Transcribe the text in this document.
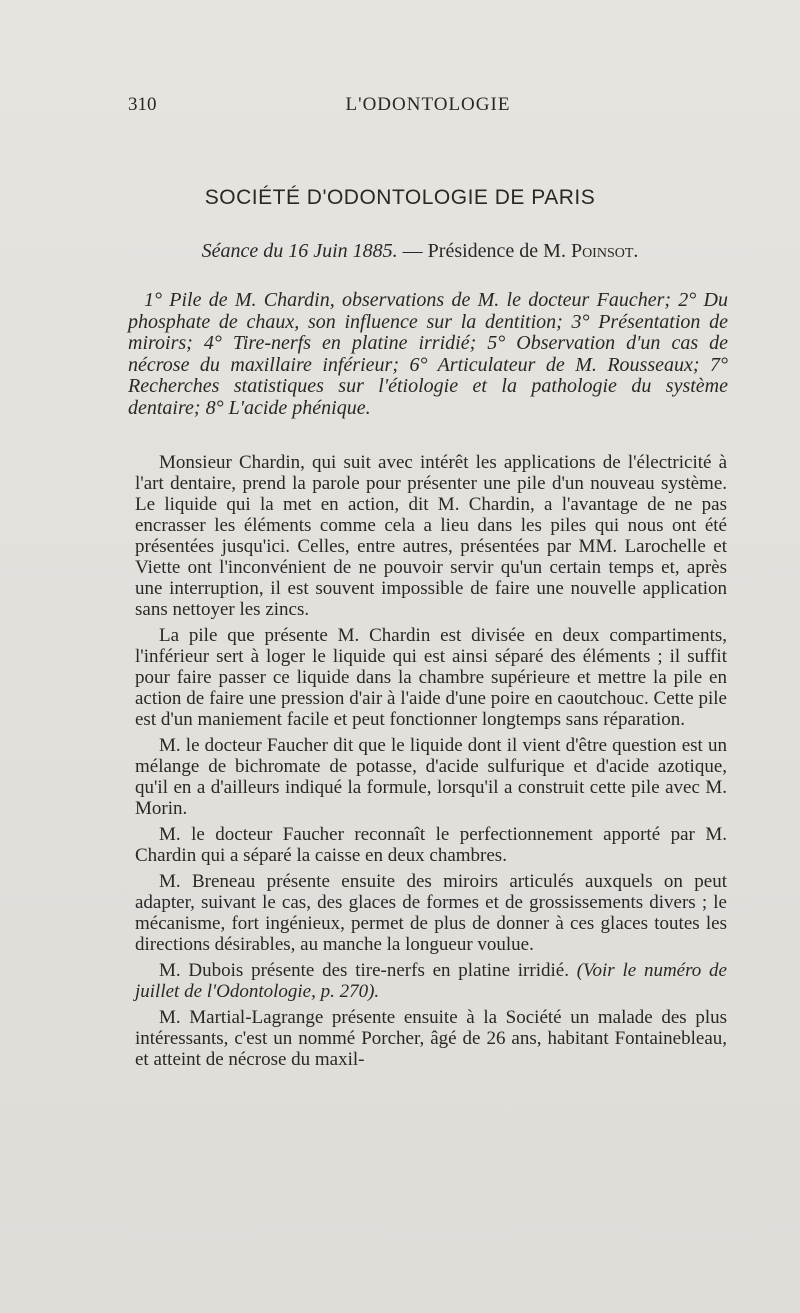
310	L'ODONTOLOGIE
SOCIÉTÉ D'ODONTOLOGIE DE PARIS
Séance du 16 Juin 1885. — Présidence de M. Poinsot.

1° Pile de M. Chardin, observations de M. le docteur Faucher; 2° Du phosphate de chaux, son influence sur la dentition; 3° Présentation de miroirs; 4° Tire-nerfs en platine irridié; 5° Observation d'un cas de nécrose du maxillaire inférieur; 6° Articulateur de M. Rousseaux; 7° Recherches statistiques sur l'étiologie et la pathologie du système dentaire; 8° L'acide phénique.

Monsieur Chardin, qui suit avec intérêt les applications de l'électricité à l'art dentaire, prend la parole pour présenter une pile d'un nouveau système. Le liquide qui la met en action, dit M. Chardin, a l'avantage de ne pas encrasser les éléments comme cela a lieu dans les piles qui nous ont été présentées jusqu'ici. Celles, entre autres, présentées par MM. Larochelle et Viette ont l'inconvénient de ne pouvoir servir qu'un certain temps et, après une interruption, il est souvent impossible de faire une nouvelle application sans nettoyer les zincs.

La pile que présente M. Chardin est divisée en deux compartiments, l'inférieur sert à loger le liquide qui est ainsi séparé des éléments ; il suffit pour faire passer ce liquide dans la chambre supérieure et mettre la pile en action de faire une pression d'air à l'aide d'une poire en caoutchouc. Cette pile est d'un maniement facile et peut fonctionner longtemps sans réparation.

M. le docteur Faucher dit que le liquide dont il vient d'être question est un mélange de bichromate de potasse, d'acide sulfurique et d'acide azotique, qu'il en a d'ailleurs indiqué la formule, lorsqu'il a construit cette pile avec M. Morin.

M. le docteur Faucher reconnaît le perfectionnement apporté par M. Chardin qui a séparé la caisse en deux chambres.

M. Breneau présente ensuite des miroirs articulés auxquels on peut adapter, suivant le cas, des glaces de formes et de grossissements divers ; le mécanisme, fort ingénieux, permet de plus de donner à ces glaces toutes les directions désirables, au manche la longueur voulue.

M. Dubois présente des tire-nerfs en platine irridié. (Voir le numéro de juillet de l'Odontologie, p. 270).

M. Martial-Lagrange présente ensuite à la Société un malade des plus intéressants, c'est un nommé Porcher, âgé de 26 ans, habitant Fontainebleau, et atteint de nécrose du maxil-
